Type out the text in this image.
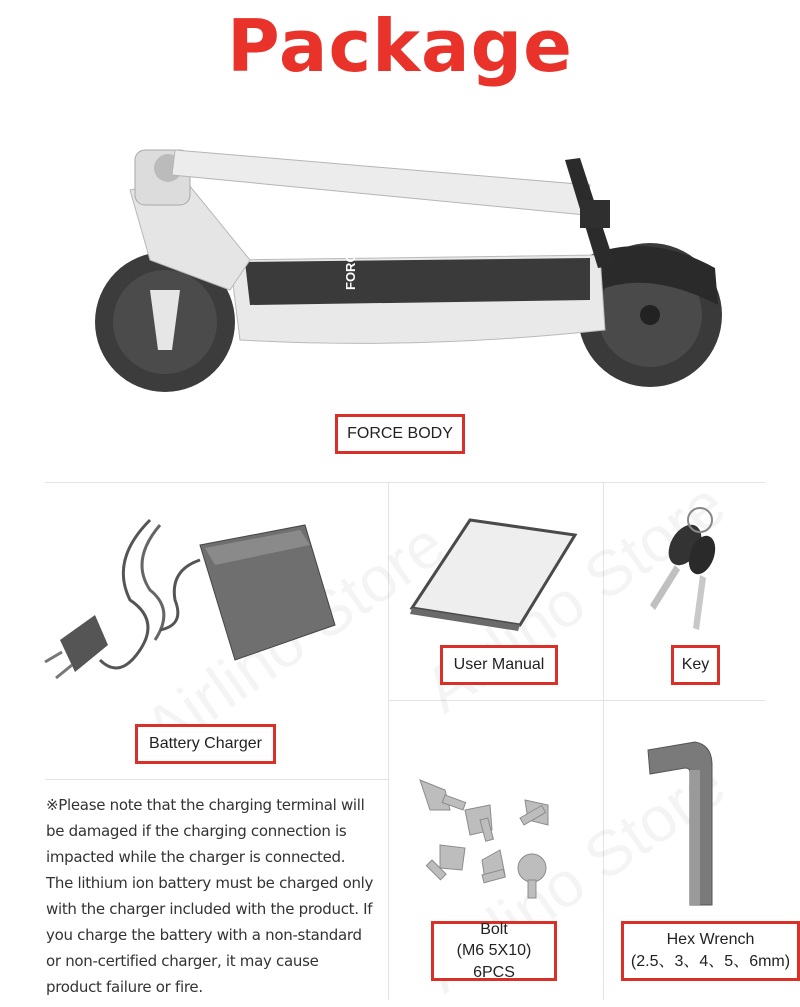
Package
FORCE
FORCE BODY
Battery Charger
User Manual	Key
※Please note that the charging terminal will be damaged if the charging connection is impacted while the charger is connected. The lithium ion battery must be charged only with the charger included with the product. If you charge the battery with a non-standard or non-certified charger, it may cause product failure or fire.
Bolt
(M6 5X10) 6PCS
Hex Wrench
(2.5、3、4、5、6mm)
